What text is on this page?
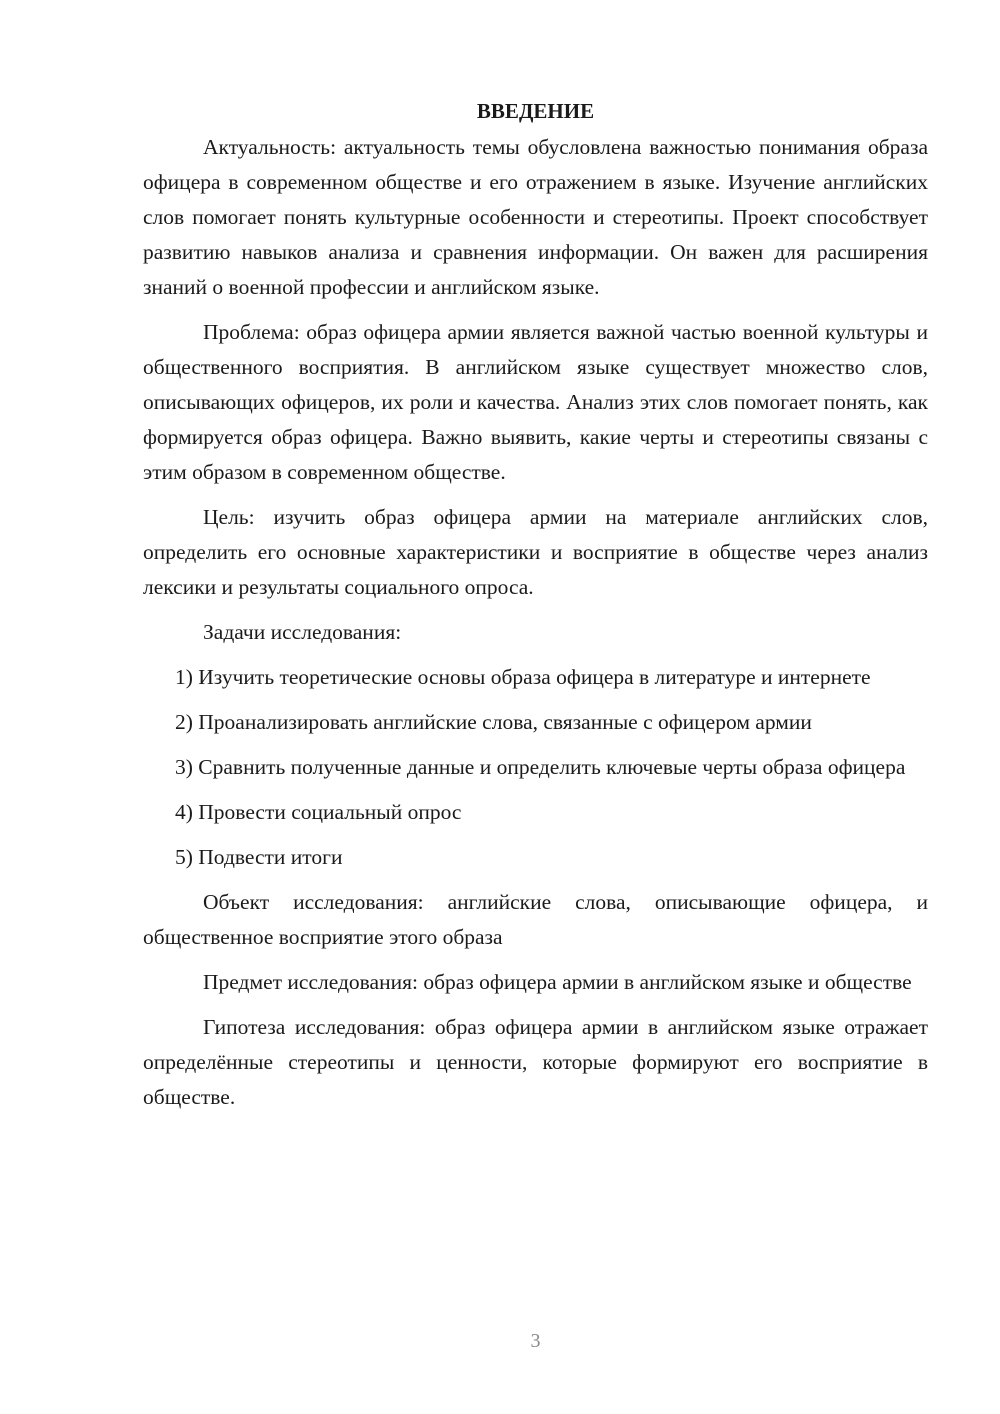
ВВЕДЕНИЕ

Актуальность: актуальность темы обусловлена важностью понимания образа офицера в современном обществе и его отражением в языке. Изучение английских слов помогает понять культурные особенности и стереотипы. Проект способствует развитию навыков анализа и сравнения информации. Он важен для расширения знаний о военной профессии и английском языке.

Проблема: образ офицера армии является важной частью военной культуры и общественного восприятия. В английском языке существует множество слов, описывающих офицеров, их роли и качества. Анализ этих слов помогает понять, как формируется образ офицера. Важно выявить, какие черты и стереотипы связаны с этим образом в современном обществе.

Цель: изучить образ офицера армии на материале английских слов, определить его основные характеристики и восприятие в обществе через анализ лексики и результаты социального опроса.

Задачи исследования:

1) Изучить теоретические основы образа офицера в литературе и интернете

2) Проанализировать английские слова, связанные с офицером армии

3) Сравнить полученные данные и определить ключевые черты образа офицера

4) Провести социальный опрос

5) Подвести итоги

Объект исследования: английские слова, описывающие офицера, и общественное восприятие этого образа

Предмет исследования: образ офицера армии в английском языке и обществе

Гипотеза исследования: образ офицера армии в английском языке отражает определённые стереотипы и ценности, которые формируют его восприятие в обществе.

3
